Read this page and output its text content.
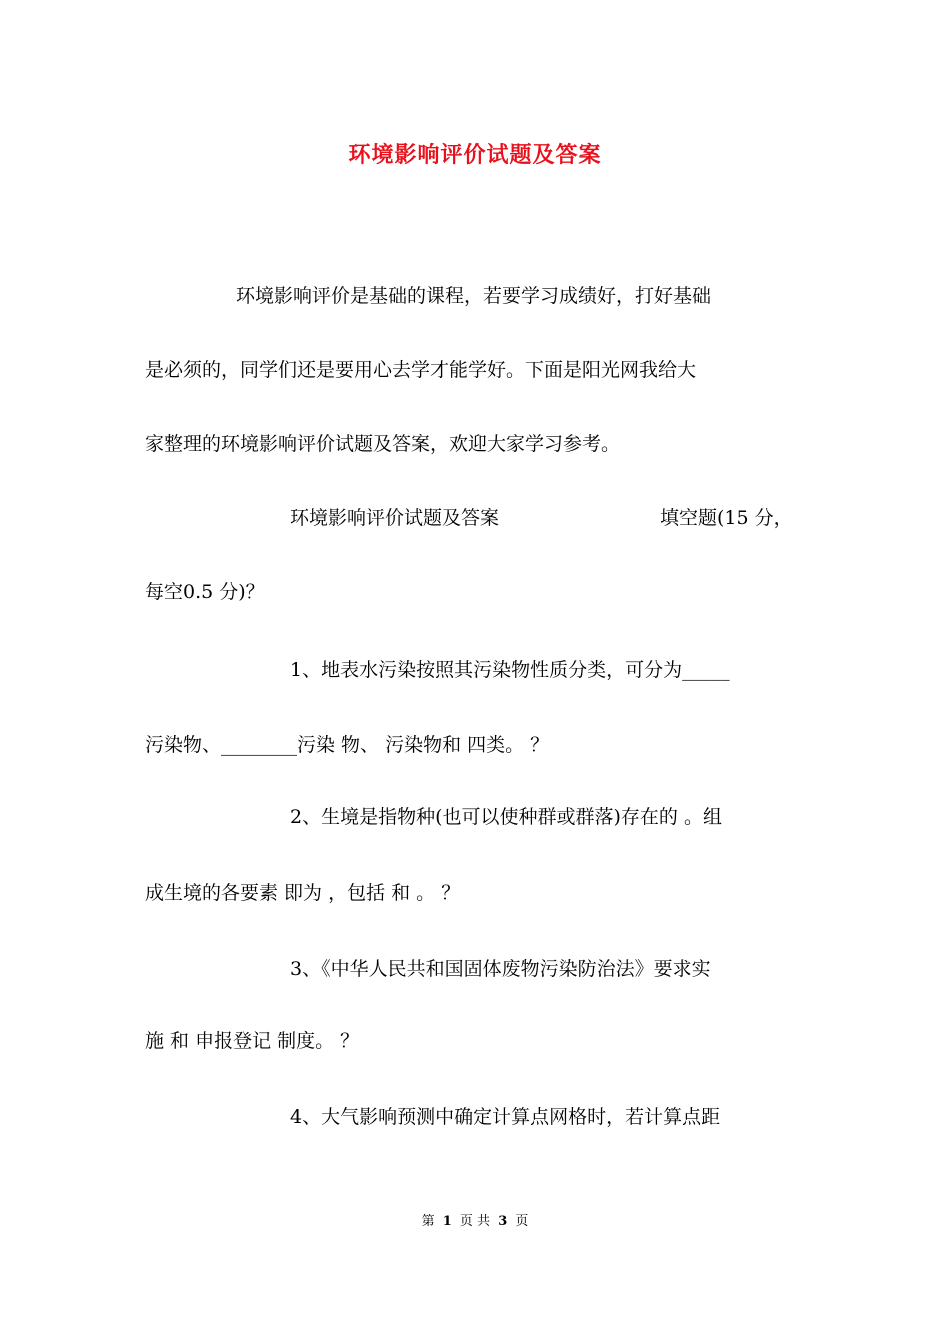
环境影响评价试题及答案
环境影响评价是基础的课程，若要学习成绩好，打好基础
是必须的，同学们还是要用心去学才能学好。下面是阳光网我给大
家整理的环境影响评价试题及答案，欢迎大家学习参考。
环境影响评价试题及答案	填空题(15 分，
每空0.5 分)？
1、地表水污染按照其污染物性质分类，可分为_____
污染物、________污染 物、 污染物和 四类。 ？
2、生境是指物种(也可以使种群或群落)存在的 。组
成生境的各要素 即为 ，包括 和 。 ？
3、《中华人民共和国固体废物污染防治法》要求实
施 和 申报登记 制度。 ？
4、大气影响预测中确定计算点网格时，若计算点距
第 1 页 共 3 页
